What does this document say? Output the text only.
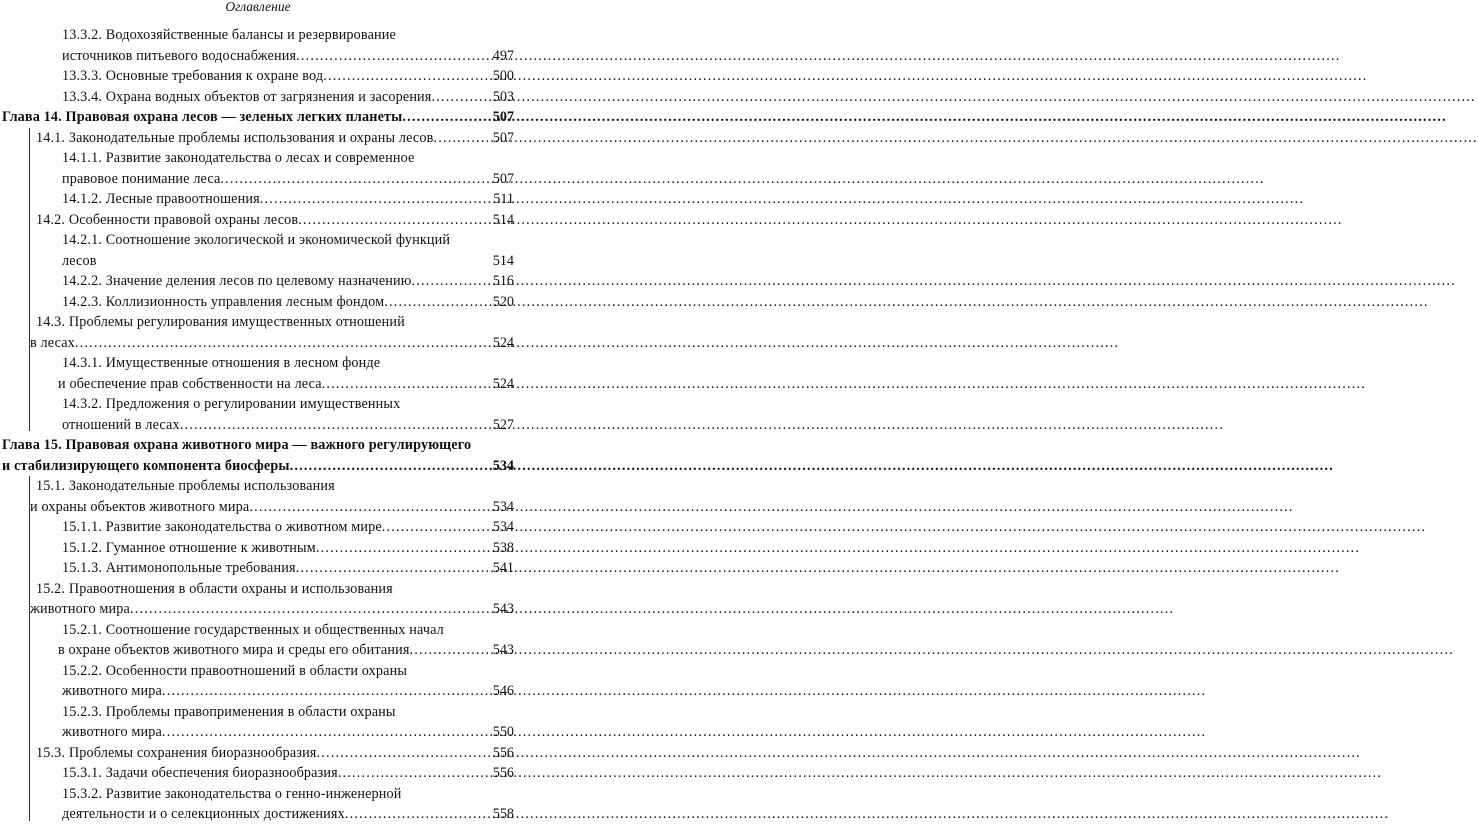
Оглавление
13.3.2. Водохозяйственные балансы и резервирование
источников питьевого водоснабжения .....	497
13.3.3. Основные требования к охране вод .....	500
13.3.4. Охрана водных объектов от загрязнения и засорения .....	503
Глава 14. Правовая охрана лесов — зеленых легких планеты .....	507
14.1. Законодательные проблемы использования и охраны лесов .....	507
14.1.1. Развитие законодательства о лесах и современное
правовое понимание леса .....	507
14.1.2. Лесные правоотношения .....	511
14.2. Особенности правовой охраны лесов .....	514
14.2.1. Соотношение экологической и экономической функций
лесов	514
14.2.2. Значение деления лесов по целевому назначению .....	516
14.2.3. Коллизионность управления лесным фондом .....	520
14.3. Проблемы регулирования имущественных отношений
в лесах .....	524
14.3.1. Имущественные отношения в лесном фонде
и обеспечение прав собственности на леса .....	524
14.3.2. Предложения о регулировании имущественных
отношений в лесах .....	527
Глава 15. Правовая охрана животного мира — важного регулирующего
и стабилизирующего компонента биосферы .....	534
15.1. Законодательные проблемы использования
и охраны объектов животного мира .....	534
15.1.1. Развитие законодательства о животном мире .....	534
15.1.2. Гуманное отношение к животным .....	538
15.1.3. Антимонопольные требования .....	541
15.2. Правоотношения в области охраны и использования
животного мира .....	543
15.2.1. Соотношение государственных и общественных начал
в охране объектов животного мира и среды его обитания .....	543
15.2.2. Особенности правоотношений в области охраны
животного мира .....	546
15.2.3. Проблемы правоприменения в области охраны
животного мира .....	550
15.3. Проблемы сохранения биоразнообразия .....	556
15.3.1. Задачи обеспечения биоразнообразия .....	556
15.3.2. Развитие законодательства о генно-инженерной
деятельности и о селекционных достижениях .....	558
